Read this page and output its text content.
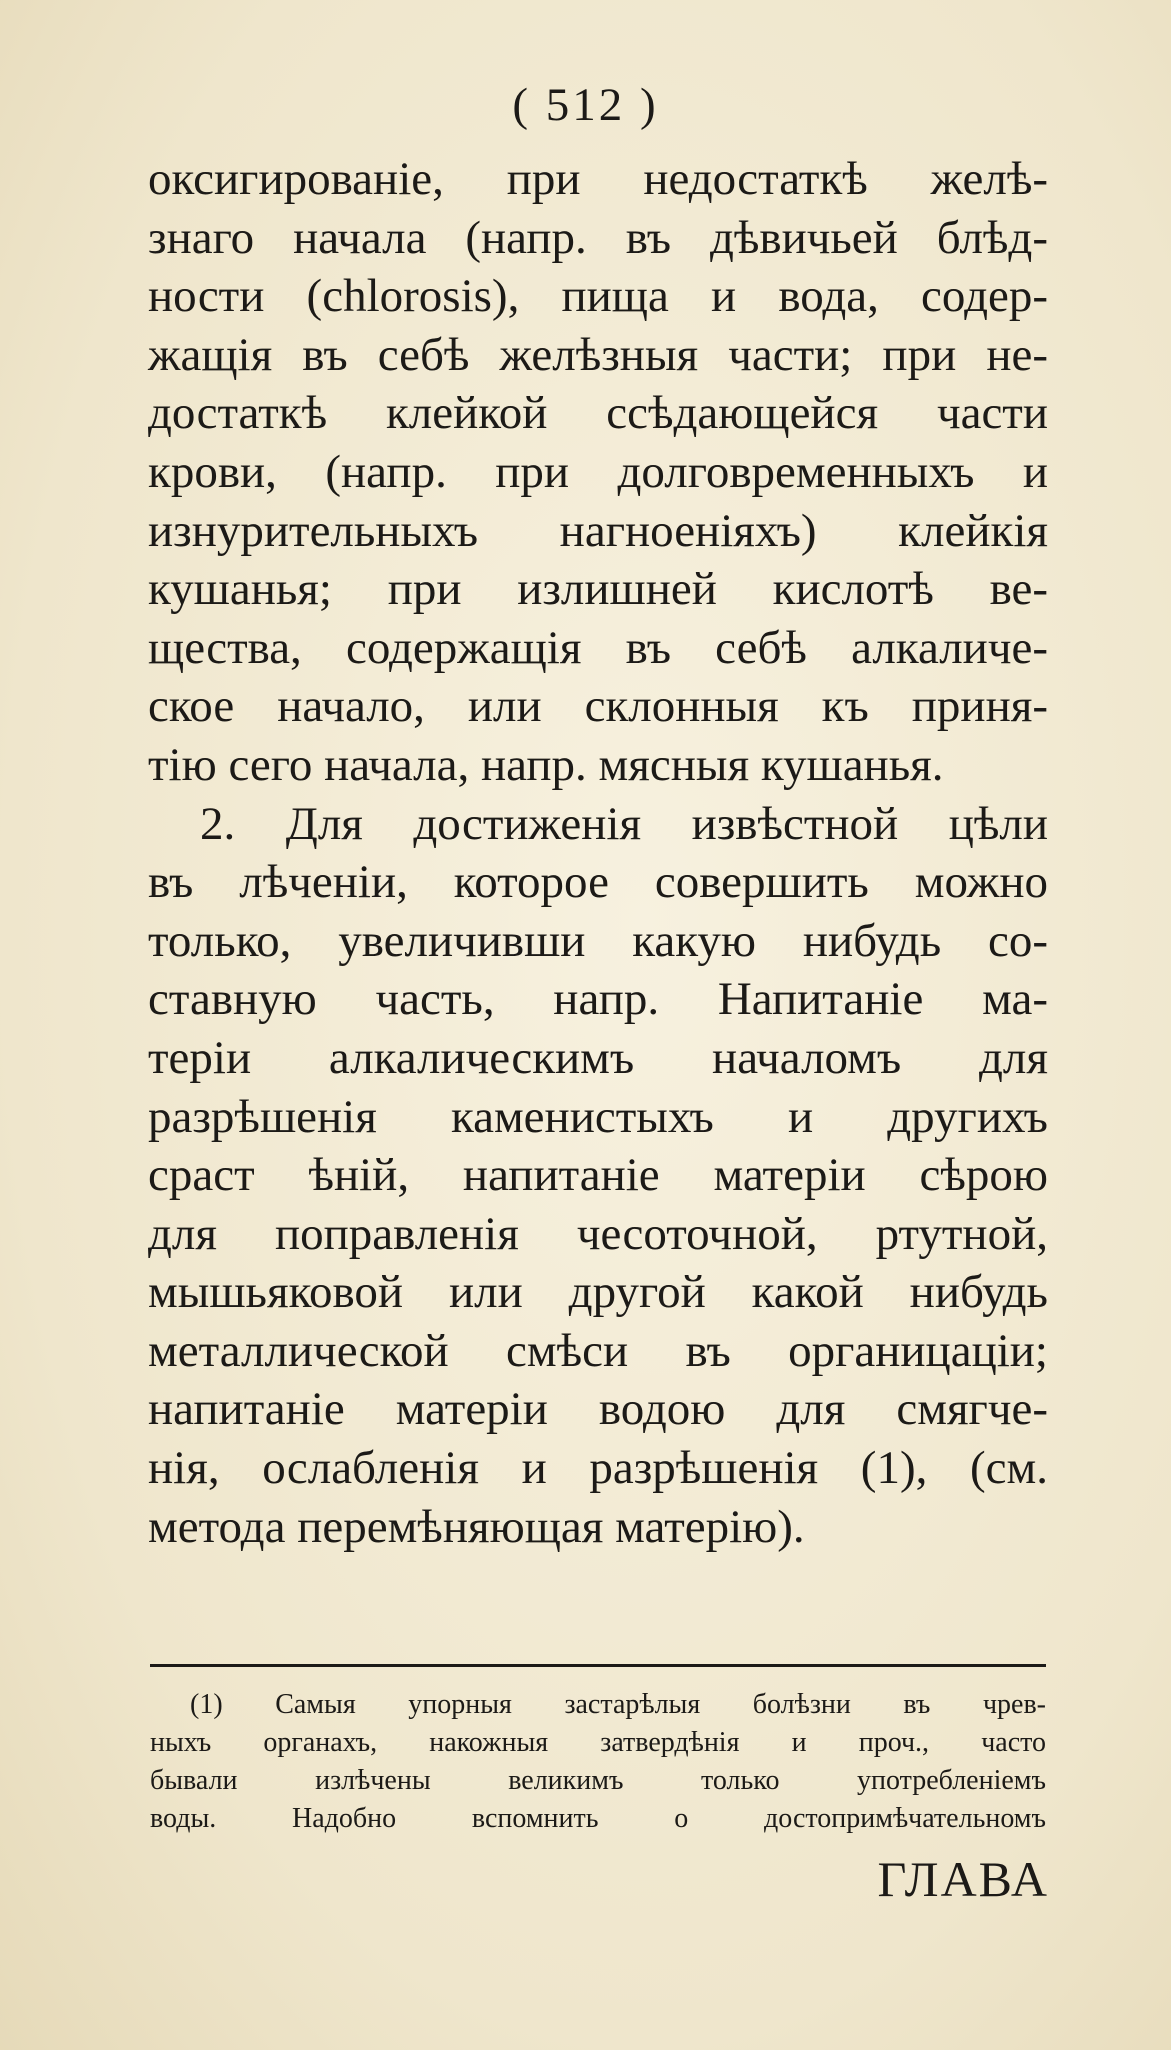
( 512 )
оксигированiе, при недостаткѣ желѣ-
знаго начала (напр. въ дѣвичьей блѣд-
ности (chlorosis), пища и вода, содер-
жащiя въ себѣ желѣзныя части; при не-
достаткѣ клейкой ссѣдающейся части
крови, (напр. при долговременныхъ и
изнурительныхъ нагноенiяхъ) клейкiя
кушанья; при излишней кислотѣ ве-
щества, содержащiя въ себѣ алкаличе-
ское начало, или склонныя къ приня-
тiю сего начала, напр. мясныя кушанья.
2. Для достиженiя извѣстной цѣли
въ лѣченiи, которое совершить можно
только, увеличивши какую нибудь со-
ставную часть, напр. Напитанiе ма-
терiи алкалическимъ началомъ для
разрѣшенiя каменистыхъ и другихъ
сраст ѣнiй, напитанiе матерiи сѣрою
для поправленiя чесоточной, ртутной,
мышьяковой или другой какой нибудь
металлической смѣси въ органицацiи;
напитанiе матерiи водою для смягче-
нiя, ослабленiя и разрѣшенiя (1), (см.
метода перемѣняющая матерiю).
(1) Самыя упорныя застарѣлыя болѣзни въ чрев-
ныхъ органахъ, накожныя затвердѣнiя и проч., часто
бывали излѣчены великимъ только употребленiемъ
воды. Надобно вспомнить о достопримѣчательномъ
ГЛАВА
